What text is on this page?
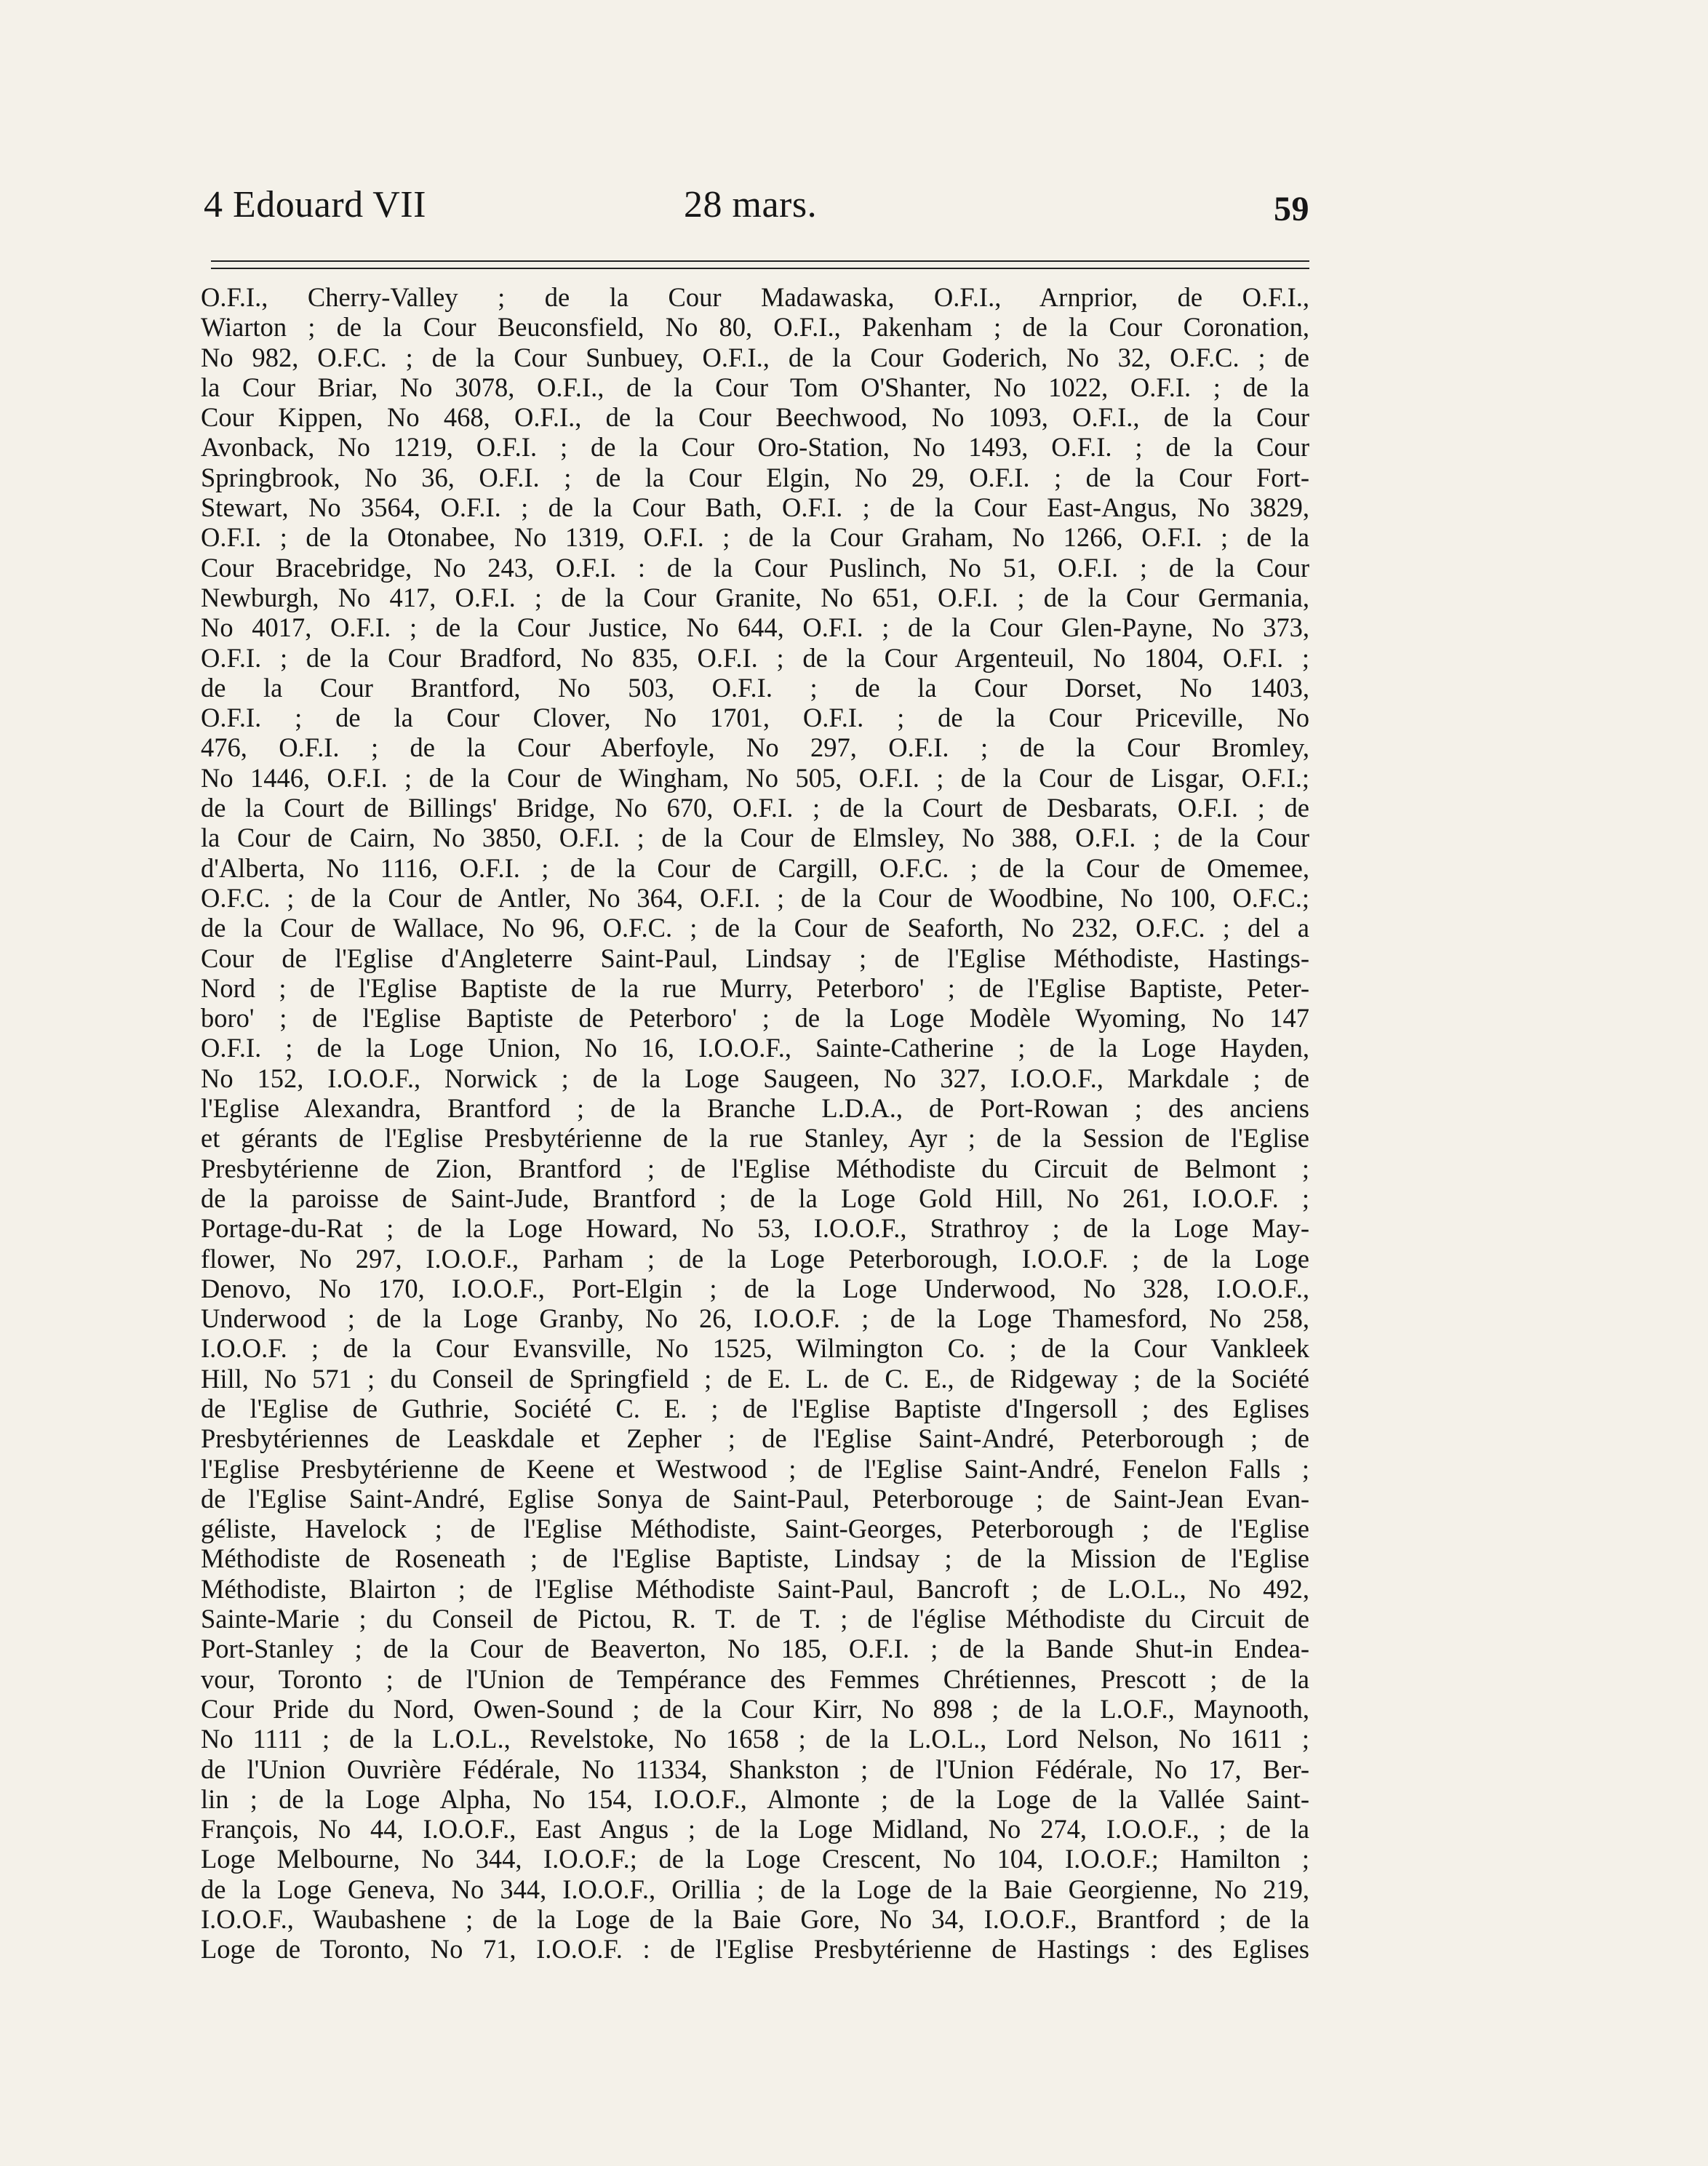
4 Edouard VII	28 mars.	59
O.F.I., Cherry-Valley ; de la Cour Madawaska, O.F.I., Arnprior, de O.F.I.,
Wiarton ; de la Cour Beuconsfield, No 80, O.F.I., Pakenham ; de la Cour Coronation,
No 982, O.F.C. ; de la Cour Sunbuey, O.F.I., de la Cour Goderich, No 32, O.F.C. ; de
la Cour Briar, No 3078, O.F.I., de la Cour Tom O'Shanter, No 1022, O.F.I. ; de la
Cour Kippen, No 468, O.F.I., de la Cour Beechwood, No 1093, O.F.I., de la Cour
Avonback, No 1219, O.F.I. ; de la Cour Oro-Station, No 1493, O.F.I. ; de la Cour
Springbrook, No 36, O.F.I. ; de la Cour Elgin, No 29, O.F.I. ; de la Cour Fort-
Stewart, No 3564, O.F.I. ; de la Cour Bath, O.F.I. ; de la Cour East-Angus, No 3829,
O.F.I. ; de la Otonabee, No 1319, O.F.I. ; de la Cour Graham, No 1266, O.F.I. ; de la
Cour Bracebridge, No 243, O.F.I. : de la Cour Puslinch, No 51, O.F.I. ; de la Cour
Newburgh, No 417, O.F.I. ; de la Cour Granite, No 651, O.F.I. ; de la Cour Germania,
No 4017, O.F.I. ; de la Cour Justice, No 644, O.F.I. ; de la Cour Glen-Payne, No 373,
O.F.I. ; de la Cour Bradford, No 835, O.F.I. ; de la Cour Argenteuil, No 1804, O.F.I. ;
de la Cour Brantford, No 503, O.F.I. ; de la Cour Dorset, No 1403,
O.F.I. ; de la Cour Clover, No 1701, O.F.I. ; de la Cour Priceville, No
476, O.F.I. ; de la Cour Aberfoyle, No 297, O.F.I. ; de la Cour Bromley,
No 1446, O.F.I. ; de la Cour de Wingham, No 505, O.F.I. ; de la Cour de Lisgar, O.F.I.;
de la Court de Billings' Bridge, No 670, O.F.I. ; de la Court de Desbarats, O.F.I. ; de
la Cour de Cairn, No 3850, O.F.I. ; de la Cour de Elmsley, No 388, O.F.I. ; de la Cour
d'Alberta, No 1116, O.F.I. ; de la Cour de Cargill, O.F.C. ; de la Cour de Omemee,
O.F.C. ; de la Cour de Antler, No 364, O.F.I. ; de la Cour de Woodbine, No 100, O.F.C.;
de la Cour de Wallace, No 96, O.F.C. ; de la Cour de Seaforth, No 232, O.F.C. ; del a
Cour de l'Eglise d'Angleterre Saint-Paul, Lindsay ; de l'Eglise Méthodiste, Hastings-
Nord ; de l'Eglise Baptiste de la rue Murry, Peterboro' ; de l'Eglise Baptiste, Peter-
boro' ; de l'Eglise Baptiste de Peterboro' ; de la Loge Modèle Wyoming, No 147
O.F.I. ; de la Loge Union, No 16, I.O.O.F., Sainte-Catherine ; de la Loge Hayden,
No 152, I.O.O.F., Norwick ; de la Loge Saugeen, No 327, I.O.O.F., Markdale ; de
l'Eglise Alexandra, Brantford ; de la Branche L.D.A., de Port-Rowan ; des anciens
et gérants de l'Eglise Presbytérienne de la rue Stanley, Ayr ; de la Session de l'Eglise
Presbytérienne de Zion, Brantford ; de l'Eglise Méthodiste du Circuit de Belmont ;
de la paroisse de Saint-Jude, Brantford ; de la Loge Gold Hill, No 261, I.O.O.F. ;
Portage-du-Rat ; de la Loge Howard, No 53, I.O.O.F., Strathroy ; de la Loge May-
flower, No 297, I.O.O.F., Parham ; de la Loge Peterborough, I.O.O.F. ; de la Loge
Denovo, No 170, I.O.O.F., Port-Elgin ; de la Loge Underwood, No 328, I.O.O.F.,
Underwood ; de la Loge Granby, No 26, I.O.O.F. ; de la Loge Thamesford, No 258,
I.O.O.F. ; de la Cour Evansville, No 1525, Wilmington Co. ; de la Cour Vankleek
Hill, No 571 ; du Conseil de Springfield ; de E. L. de C. E., de Ridgeway ; de la Société
de l'Eglise de Guthrie, Société C. E. ; de l'Eglise Baptiste d'Ingersoll ; des Eglises
Presbytériennes de Leaskdale et Zepher ; de l'Eglise Saint-André, Peterborough ; de
l'Eglise Presbytérienne de Keene et Westwood ; de l'Eglise Saint-André, Fenelon Falls ;
de l'Eglise Saint-André, Eglise Sonya de Saint-Paul, Peterborouge ; de Saint-Jean Evan-
géliste, Havelock ; de l'Eglise Méthodiste, Saint-Georges, Peterborough ; de l'Eglise
Méthodiste de Roseneath ; de l'Eglise Baptiste, Lindsay ; de la Mission de l'Eglise
Méthodiste, Blairton ; de l'Eglise Méthodiste Saint-Paul, Bancroft ; de L.O.L., No 492,
Sainte-Marie ; du Conseil de Pictou, R. T. de T. ; de l'église Méthodiste du Circuit de
Port-Stanley ; de la Cour de Beaverton, No 185, O.F.I. ; de la Bande Shut-in Endea-
vour, Toronto ; de l'Union de Tempérance des Femmes Chrétiennes, Prescott ; de la
Cour Pride du Nord, Owen-Sound ; de la Cour Kirr, No 898 ; de la L.O.F., Maynooth,
No 1111 ; de la L.O.L., Revelstoke, No 1658 ; de la L.O.L., Lord Nelson, No 1611 ;
de l'Union Ouvrière Fédérale, No 11334, Shankston ; de l'Union Fédérale, No 17, Ber-
lin ; de la Loge Alpha, No 154, I.O.O.F., Almonte ; de la Loge de la Vallée Saint-
François, No 44, I.O.O.F., East Angus ; de la Loge Midland, No 274, I.O.O.F., ; de la
Loge Melbourne, No 344, I.O.O.F.; de la Loge Crescent, No 104, I.O.O.F.; Hamilton ;
de la Loge Geneva, No 344, I.O.O.F., Orillia ; de la Loge de la Baie Georgienne, No 219,
I.O.O.F., Waubashene ; de la Loge de la Baie Gore, No 34, I.O.O.F., Brantford ; de la
Loge de Toronto, No 71, I.O.O.F. : de l'Eglise Presbytérienne de Hastings : des Eglises
